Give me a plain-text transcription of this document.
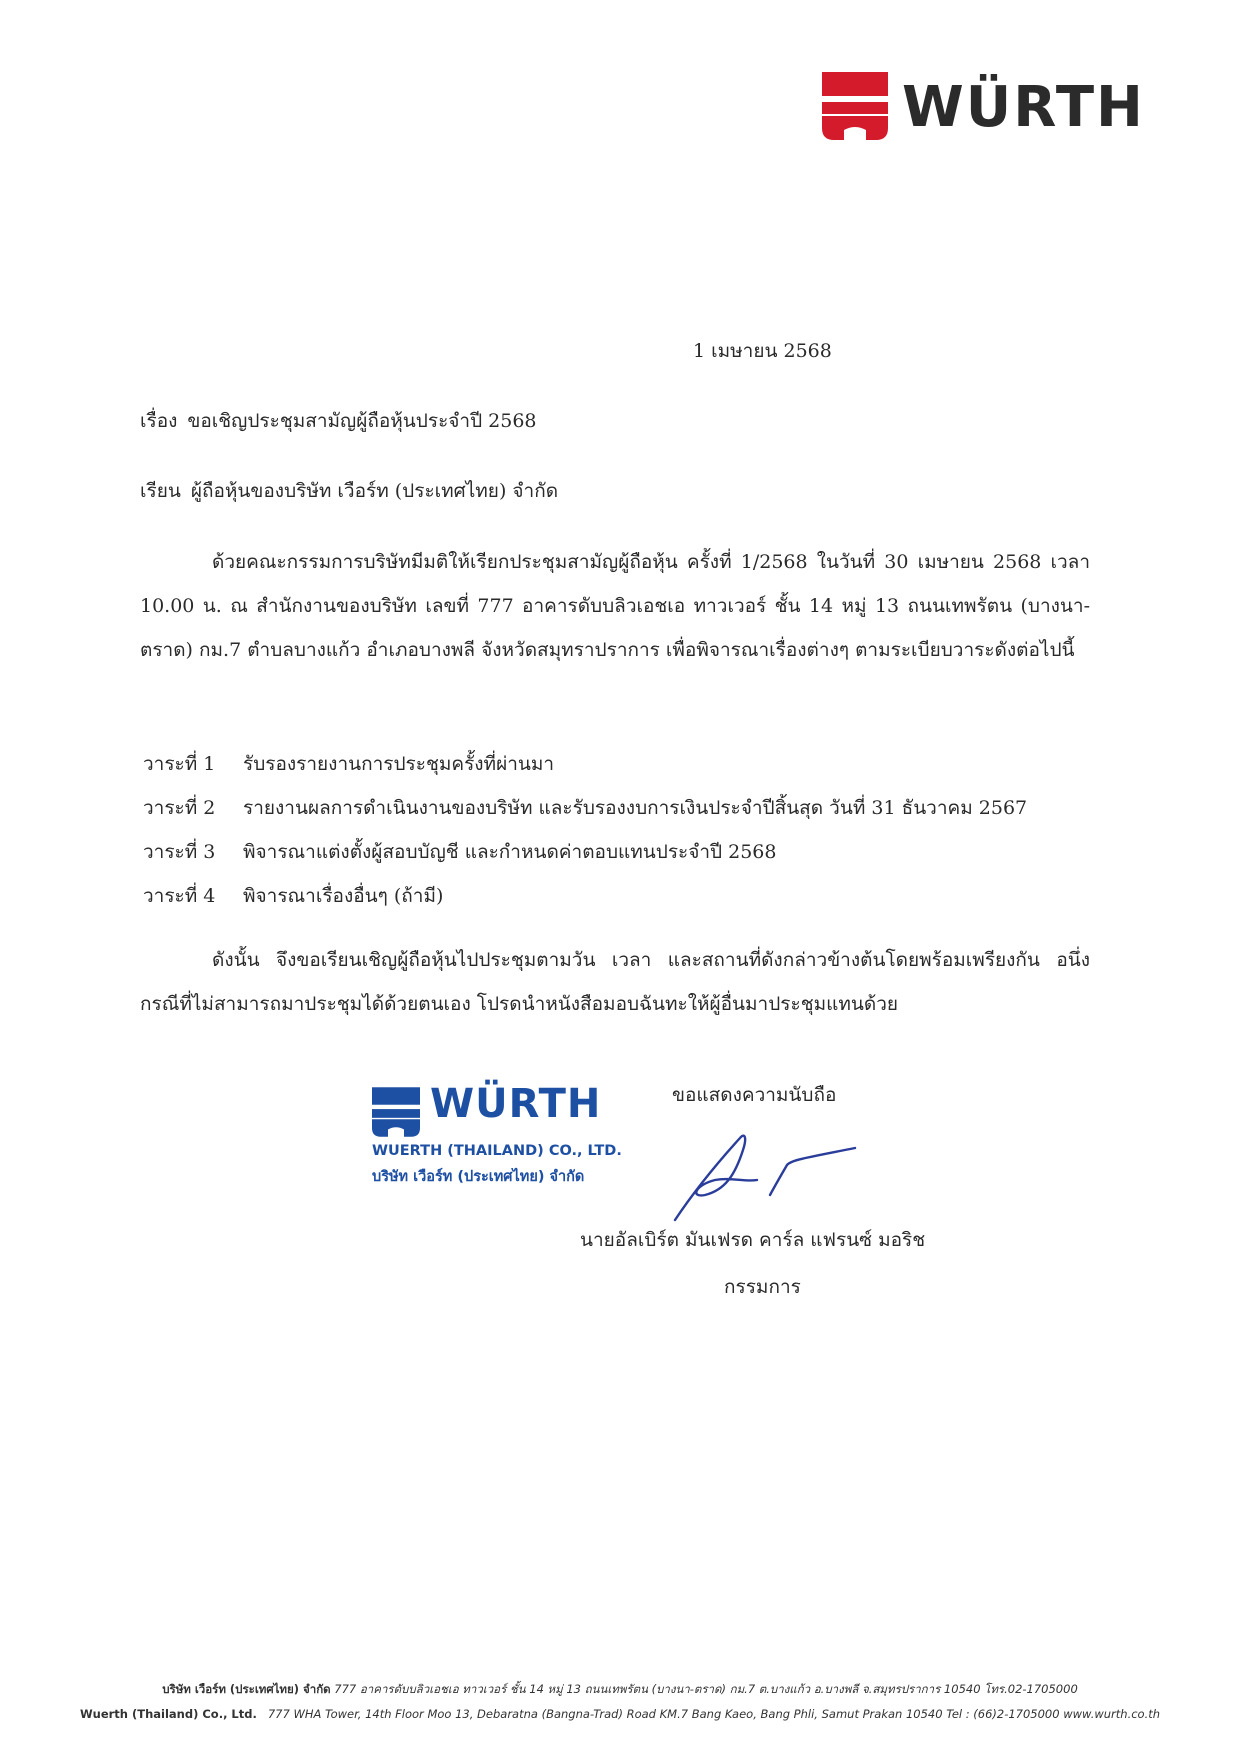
WÜRTH
1 เมษายน 2568
เรื่อง ขอเชิญประชุมสามัญผู้ถือหุ้นประจำปี 2568
เรียน ผู้ถือหุ้นของบริษัท เวือร์ท (ประเทศไทย) จำกัด

ด้วยคณะกรรมการบริษัทมีมติให้เรียกประชุมสามัญผู้ถือหุ้น ครั้งที่ 1/2568 ในวันที่ 30 เมษายน 2568 เวลา 10.00 น. ณ สำนักงานของบริษัท เลขที่ 777 อาคารดับบลิวเอชเอ ทาวเวอร์ ชั้น 14 หมู่ 13 ถนนเทพรัตน (บางนา-ตราด) กม.7 ตำบลบางแก้ว อำเภอบางพลี จังหวัดสมุทราปราการ เพื่อพิจารณาเรื่องต่างๆ ตามระเบียบวาระดังต่อไปนี้

วาระที่ 1	รับรองรายงานการประชุมครั้งที่ผ่านมา
วาระที่ 2	รายงานผลการดำเนินงานของบริษัท และรับรองงบการเงินประจำปีสิ้นสุด วันที่ 31 ธันวาคม 2567
วาระที่ 3	พิจารณาแต่งตั้งผู้สอบบัญชี และกำหนดค่าตอบแทนประจำปี 2568
วาระที่ 4	พิจารณาเรื่องอื่นๆ (ถ้ามี)

ดังนั้น จึงขอเรียนเชิญผู้ถือหุ้นไปประชุมตามวัน เวลา และสถานที่ดังกล่าวข้างต้นโดยพร้อมเพรียงกัน อนึ่ง กรณีที่ไม่สามารถมาประชุมได้ด้วยตนเอง โปรดนำหนังสือมอบฉันทะให้ผู้อื่นมาประชุมแทนด้วย

WÜRTH
WUERTH (THAILAND) CO., LTD.
บริษัท เวือร์ท (ประเทศไทย) จำกัด
ขอแสดงความนับถือ
นายอัลเบิร์ต มันเฟรด คาร์ล แฟรนซ์ มอริช
กรรมการ
บริษัท เวือร์ท (ประเทศไทย) จำกัด 777 อาคารดับบลิวเอชเอ ทาวเวอร์ ชั้น 14 หมู่ 13 ถนนเทพรัตน (บางนา-ตราด) กม.7 ต.บางแก้ว อ.บางพลี จ.สมุทรปราการ 10540 โทร.02-1705000
Wuerth (Thailand) Co., Ltd. 777 WHA Tower, 14th Floor Moo 13, Debaratna (Bangna-Trad) Road KM.7 Bang Kaeo, Bang Phli, Samut Prakan 10540 Tel : (66)2-1705000 www.wurth.co.th
